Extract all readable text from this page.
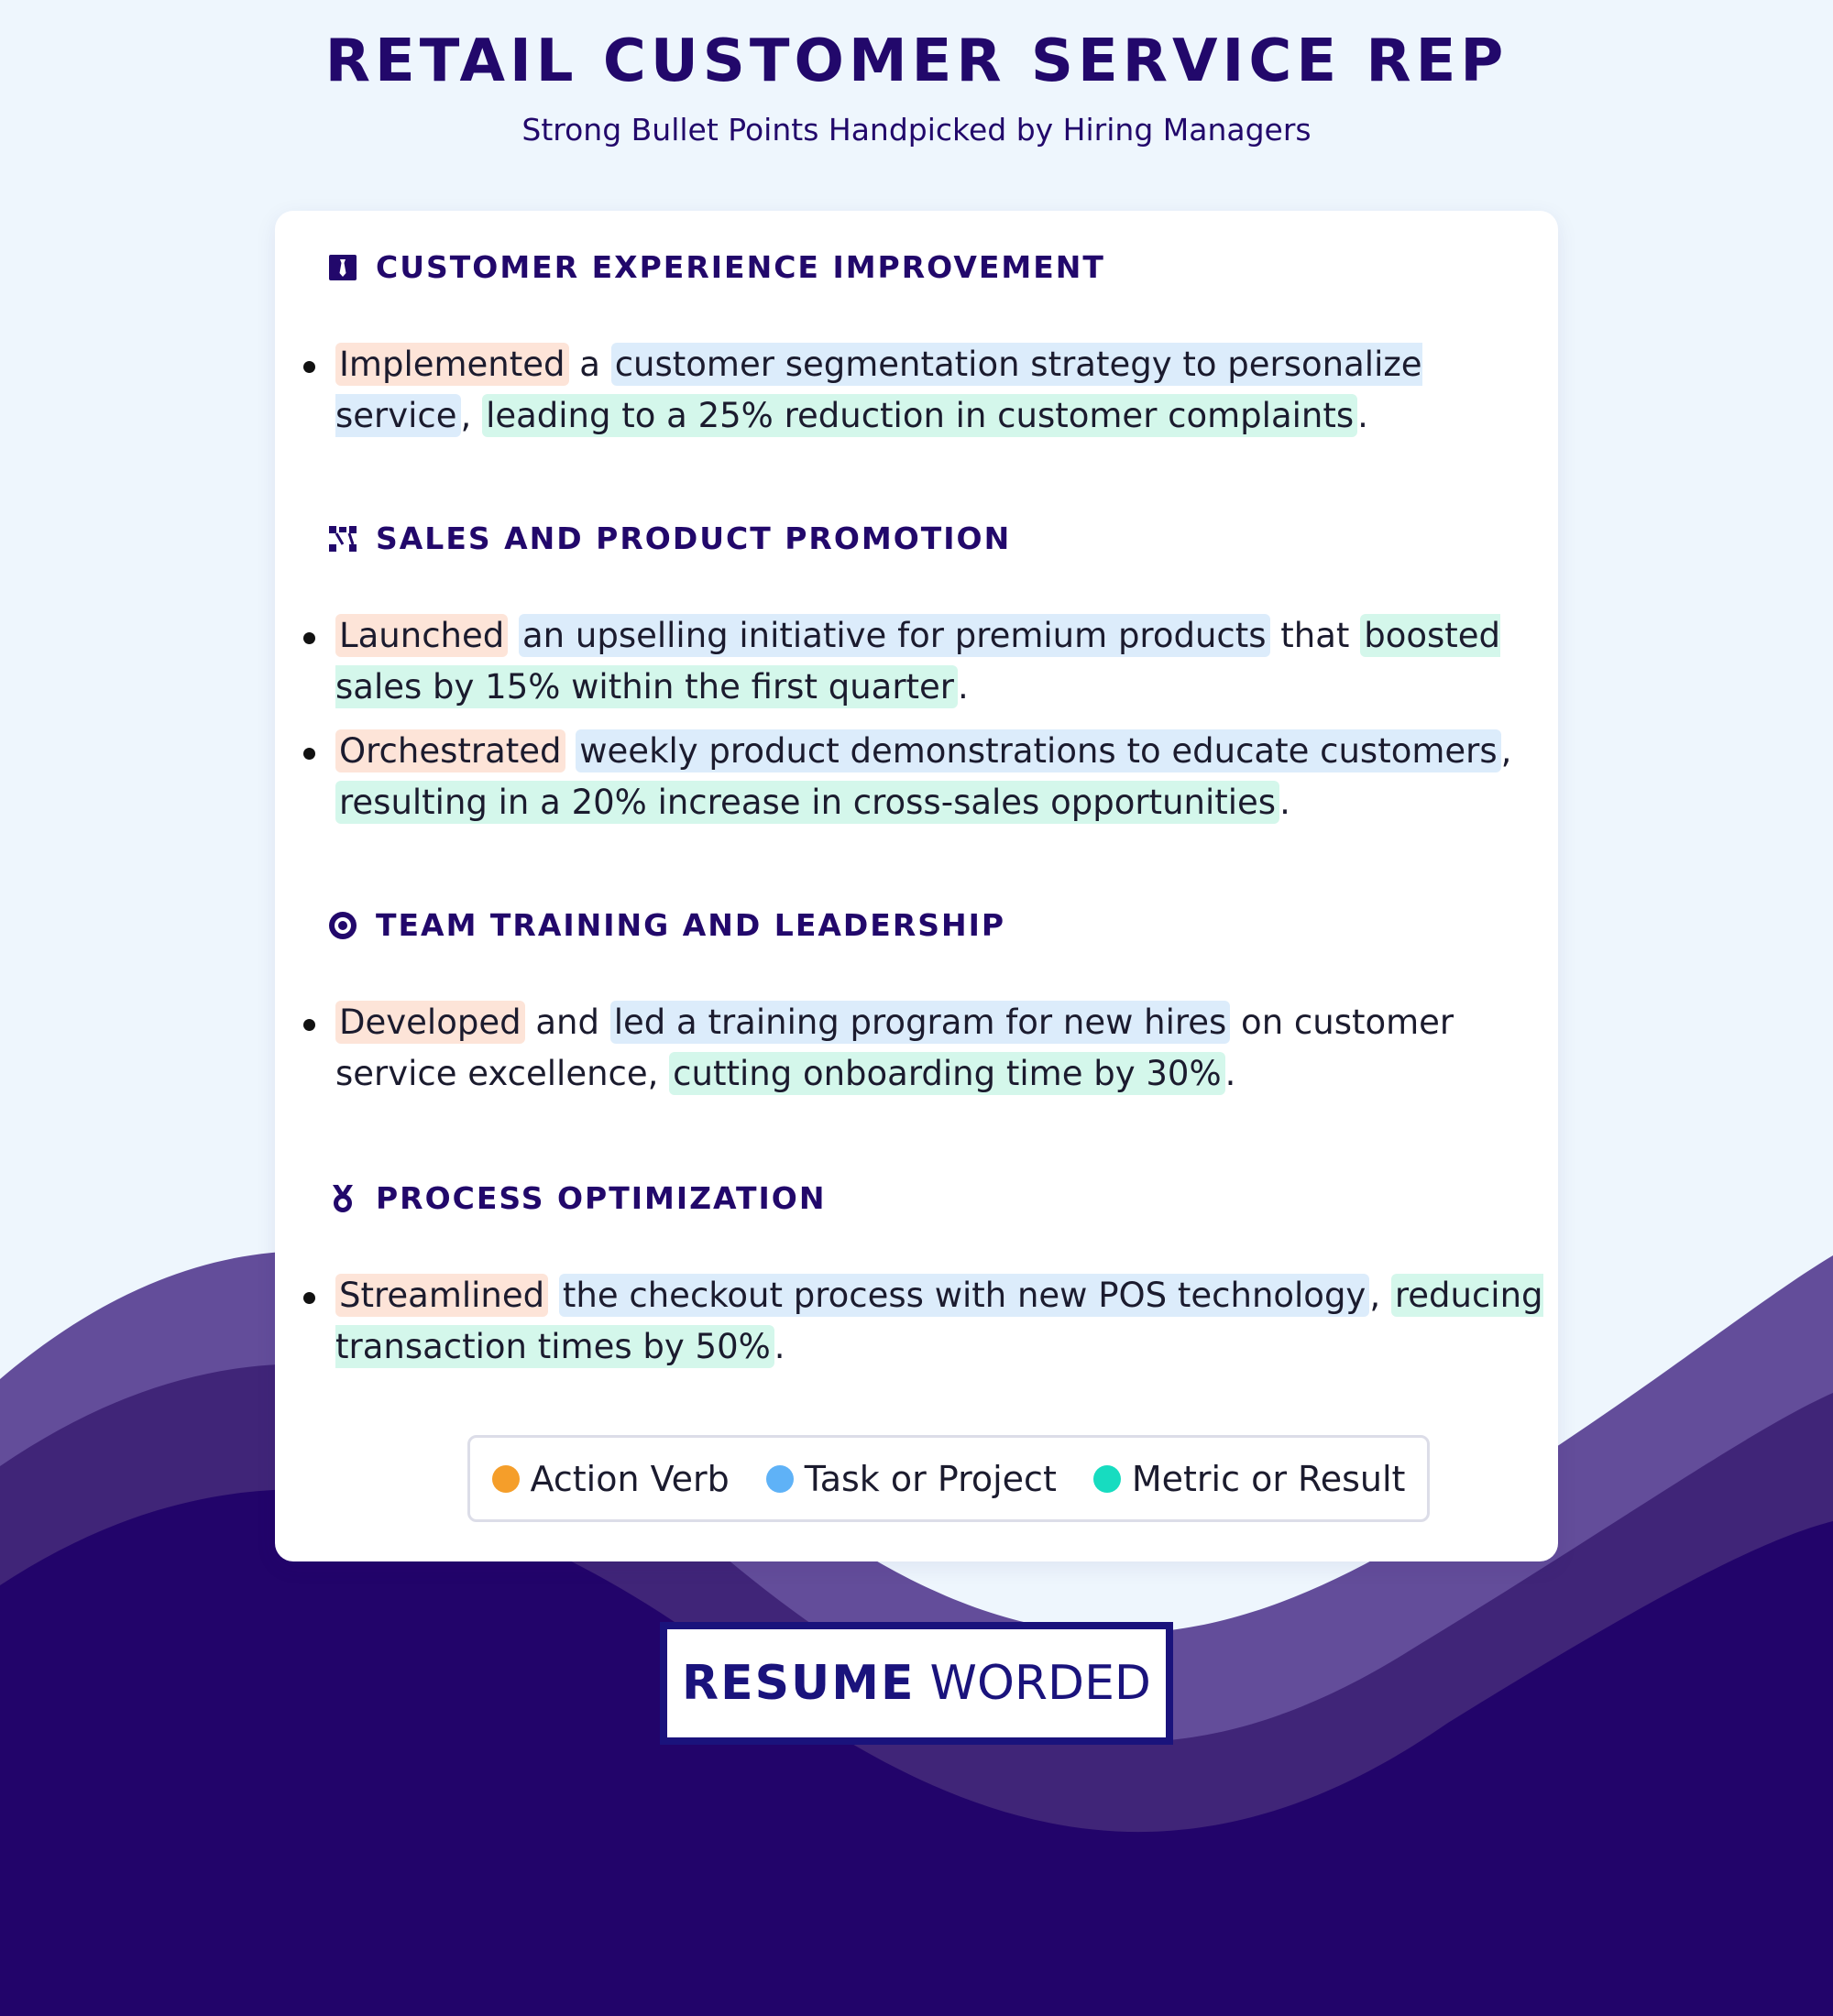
RETAIL CUSTOMER SERVICE REP
Strong Bullet Points Handpicked by Hiring Managers
CUSTOMER EXPERIENCE IMPROVEMENT
Implemented a customer segmentation strategy to personalize service , leading to a 25% reduction in customer complaints .
SALES AND PRODUCT PROMOTION
Launched an upselling initiative for premium products that boosted sales by 15% within the first quarter .
Orchestrated weekly product demonstrations to educate customers , resulting in a 20% increase in cross-sales opportunities .
TEAM TRAINING AND LEADERSHIP
Developed and led a training program for new hires on customer service excellence, cutting onboarding time by 30% .
PROCESS OPTIMIZATION
Streamlined the checkout process with new POS technology , reducing transaction times by 50% .
Action Verb Task or Project Metric or Result
RESUME WORDED
